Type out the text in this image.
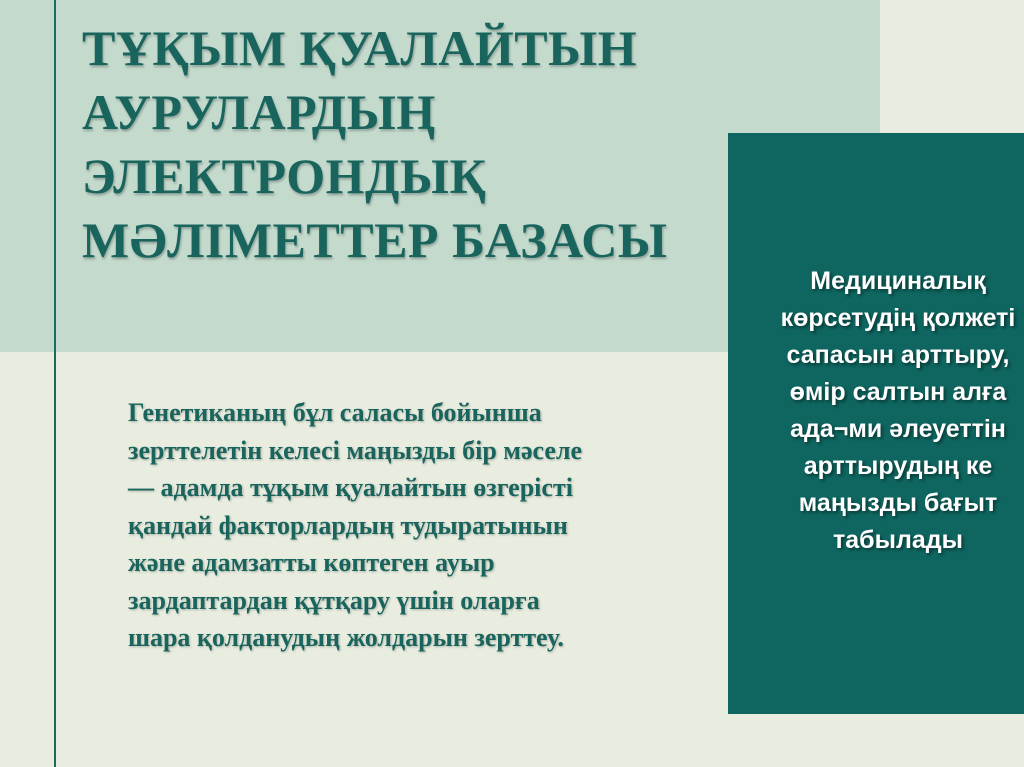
ТҰҚЫМ ҚУАЛАЙТЫН
АУРУЛАРДЫҢ
ЭЛЕКТРОНДЫҚ
МӘЛІМЕТТЕР БАЗАСЫ

Генетиканың бұл саласы бойынша
зерттелетін келесі маңызды бір мәселе
— адамда тұқым қуалайтын өзгерісті
қандай факторлардың тудыратынын
және адамзатты көптеген ауыр
зардаптардан құтқару үшін оларға
шара қолданудың жолдарын зерттеу.

Медициналық
көрсетудің қолжеті
сапасын арттыру,
өмір салтын алға
ада¬ми әлеуеттін
арттырудың ке
маңызды бағыт
табылады
